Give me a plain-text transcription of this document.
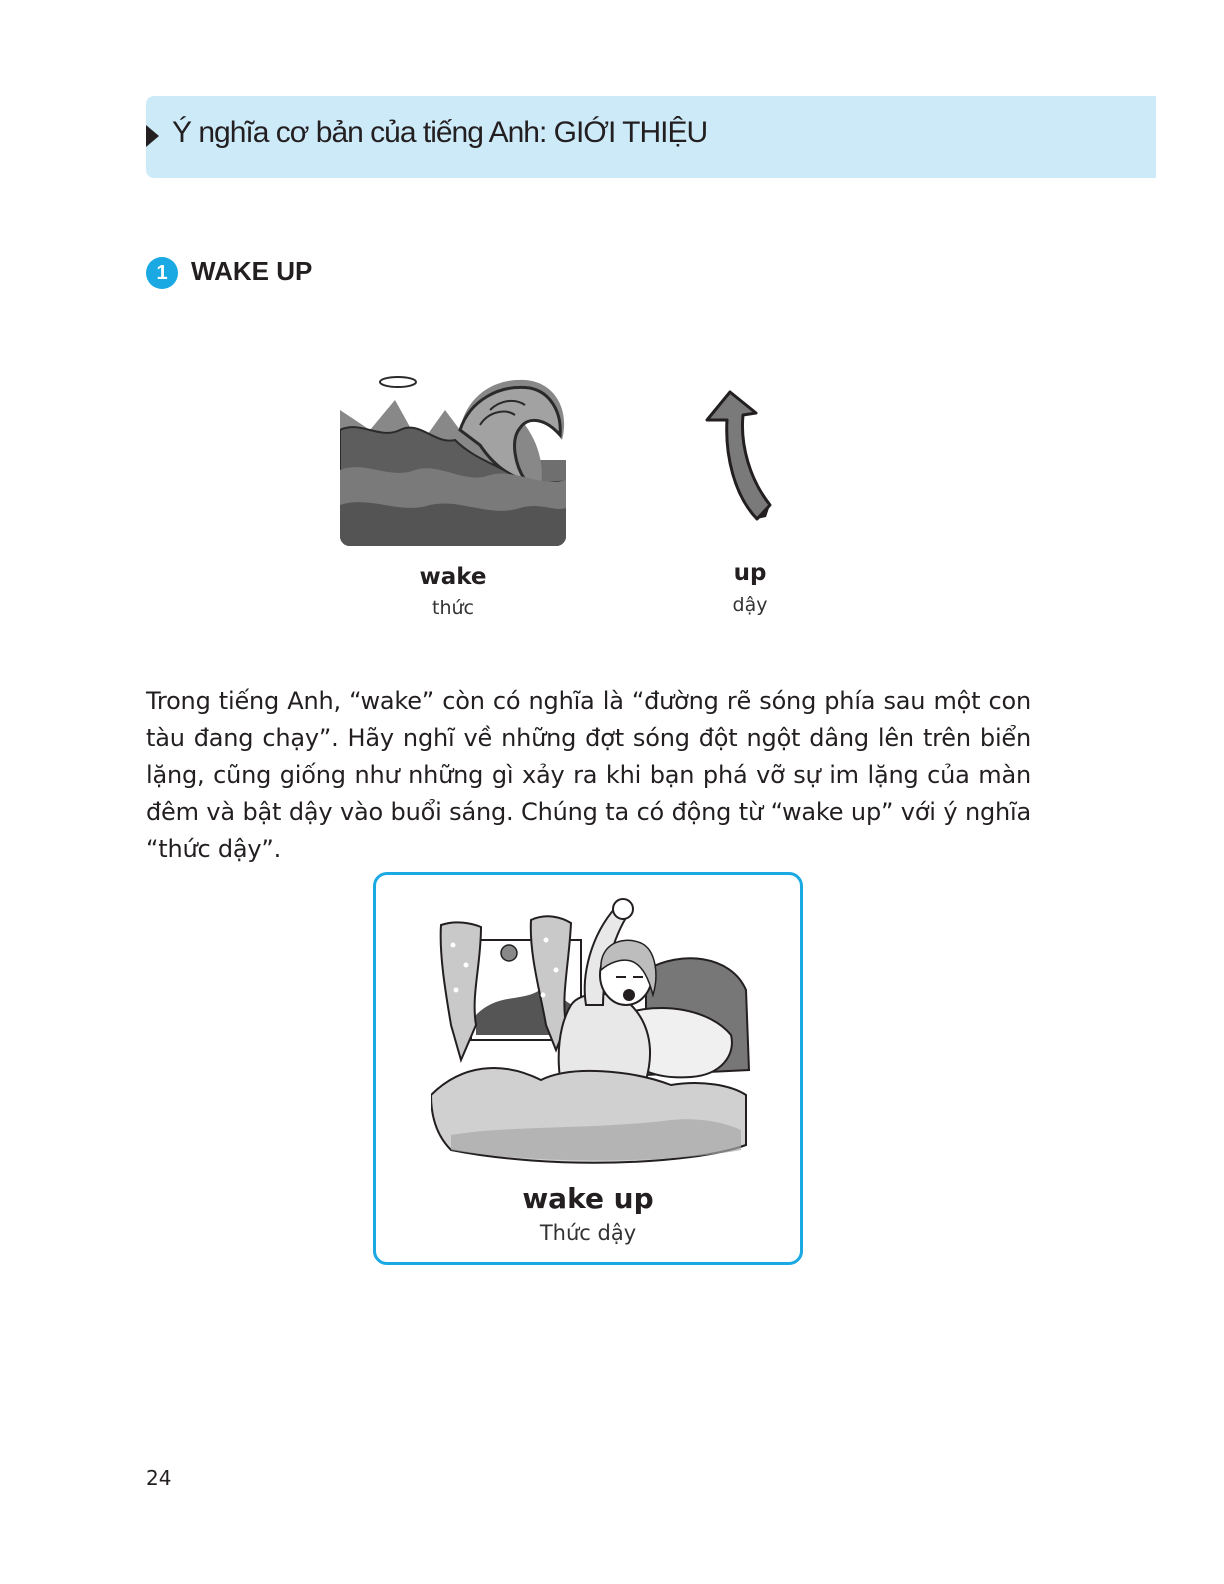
Ý nghĩa cơ bản của tiếng Anh: GIỚI THIỆU
1 WAKE UP
wake
thức
up
dậy
Trong tiếng Anh, “wake” còn có nghĩa là “đường rẽ sóng phía sau một con tàu đang chạy”. Hãy nghĩ về những đợt sóng đột ngột dâng lên trên biển lặng, cũng giống như những gì xảy ra khi bạn phá vỡ sự im lặng của màn đêm và bật dậy vào buổi sáng. Chúng ta có động từ “wake up” với ý nghĩa “thức dậy”.
wake up
Thức dậy
24
